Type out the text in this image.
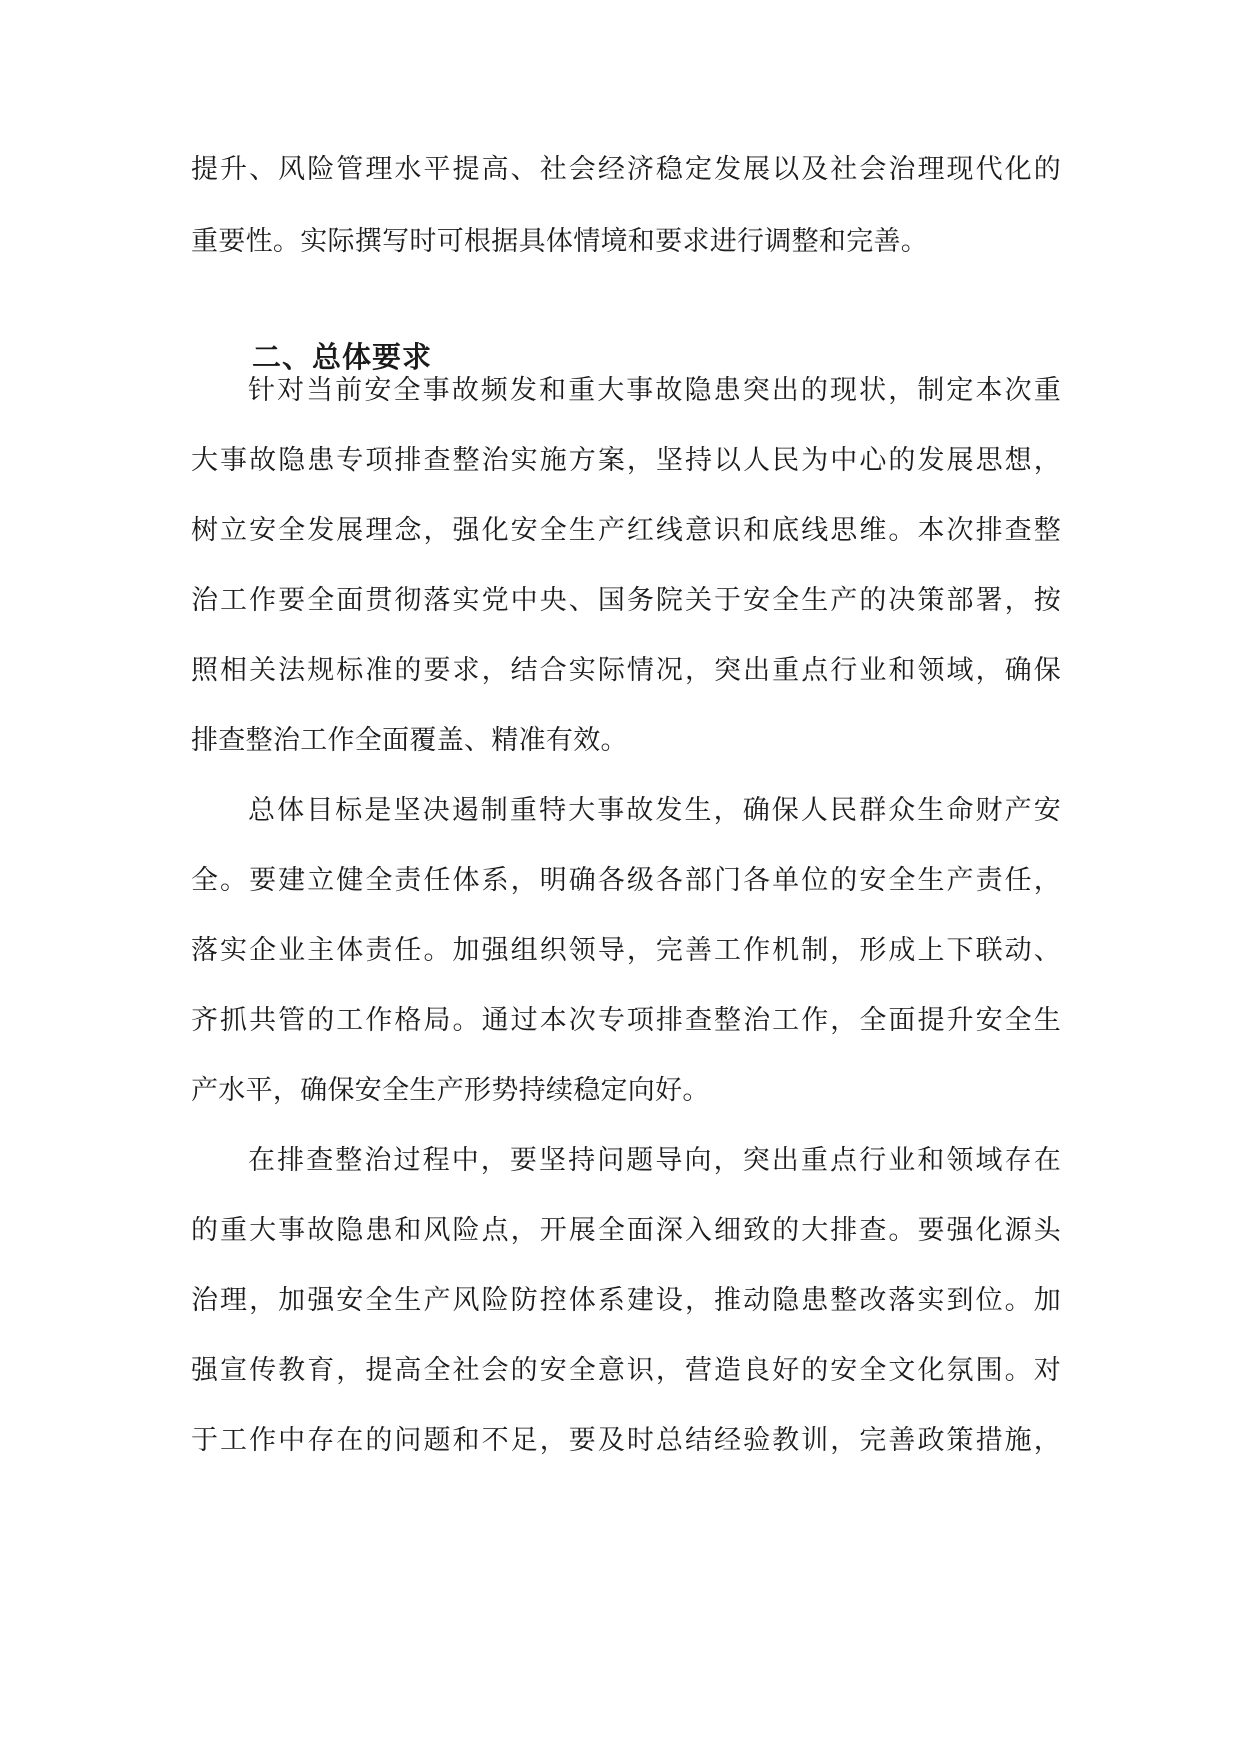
提升、风险管理水平提高、社会经济稳定发展以及社会治理现代化的
重要性。实际撰写时可根据具体情境和要求进行调整和完善。
二、总体要求
针对当前安全事故频发和重大事故隐患突出的现状，制定本次重
大事故隐患专项排查整治实施方案，坚持以人民为中心的发展思想，
树立安全发展理念，强化安全生产红线意识和底线思维。本次排查整
治工作要全面贯彻落实党中央、国务院关于安全生产的决策部署，按
照相关法规标准的要求，结合实际情况，突出重点行业和领域，确保
排查整治工作全面覆盖、精准有效。
总体目标是坚决遏制重特大事故发生，确保人民群众生命财产安
全。要建立健全责任体系，明确各级各部门各单位的安全生产责任，
落实企业主体责任。加强组织领导，完善工作机制，形成上下联动、
齐抓共管的工作格局。通过本次专项排查整治工作，全面提升安全生
产水平，确保安全生产形势持续稳定向好。
在排查整治过程中，要坚持问题导向，突出重点行业和领域存在
的重大事故隐患和风险点，开展全面深入细致的大排查。要强化源头
治理，加强安全生产风险防控体系建设，推动隐患整改落实到位。加
强宣传教育，提高全社会的安全意识，营造良好的安全文化氛围。对
于工作中存在的问题和不足，要及时总结经验教训，完善政策措施，
